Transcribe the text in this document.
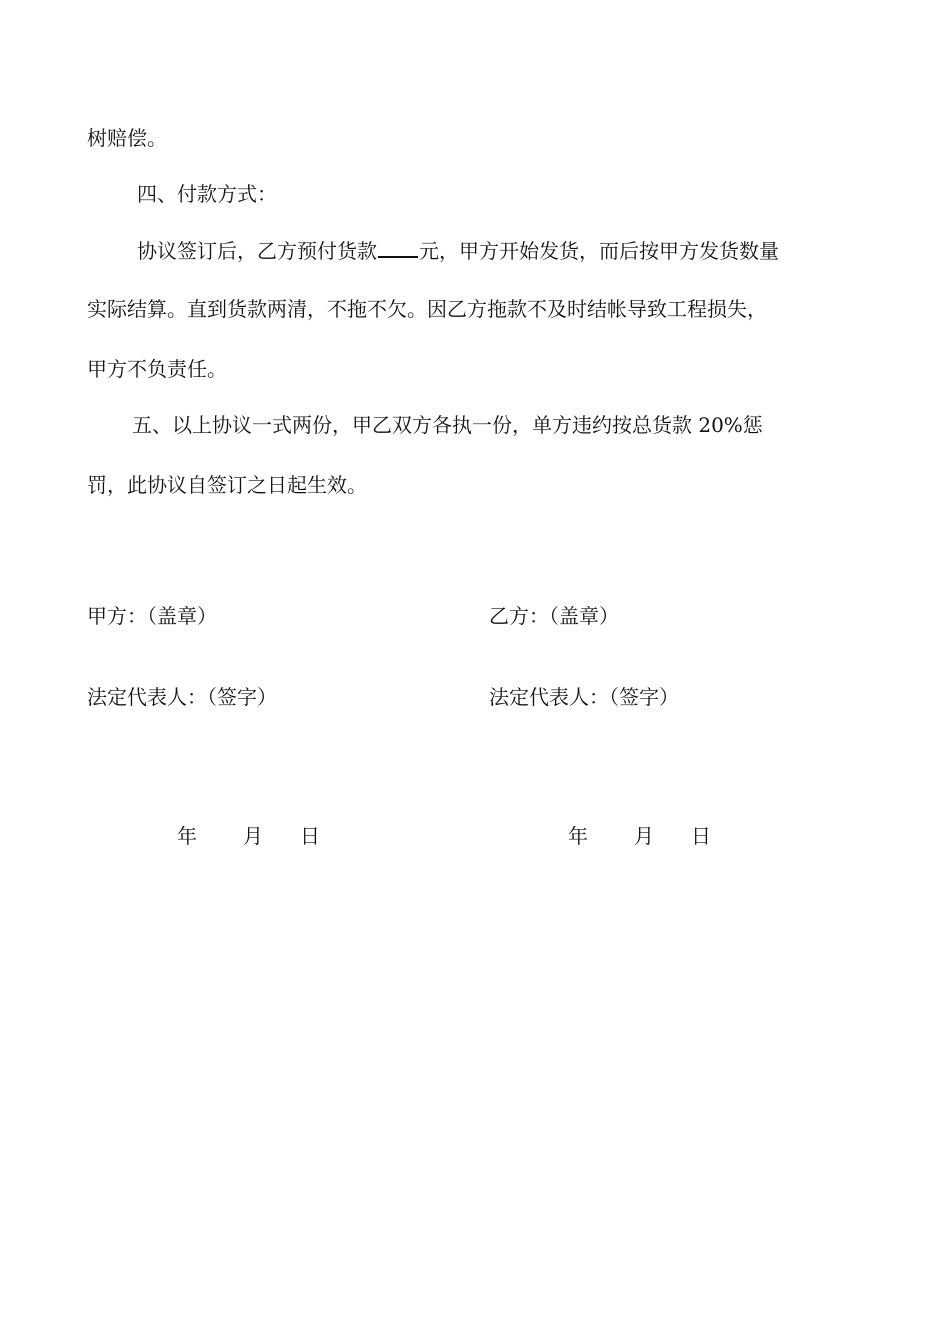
树赔偿。
四、付款方式：
协议签订后，乙方预付货款 元，甲方开始发货，而后按甲方发货数量
实际结算。直到货款两清，不拖不欠。因乙方拖款不及时结帐导致工程损失，
甲方不负责任。
五、以上协议一式两份，甲乙双方各执一份，单方违约按总货款 20%惩
罚，此协议自签订之日起生效。
甲方：（盖章）
法定代表人：（签字）
年 月 日
乙方：（盖章）
法定代表人：（签字）
年 月 日
